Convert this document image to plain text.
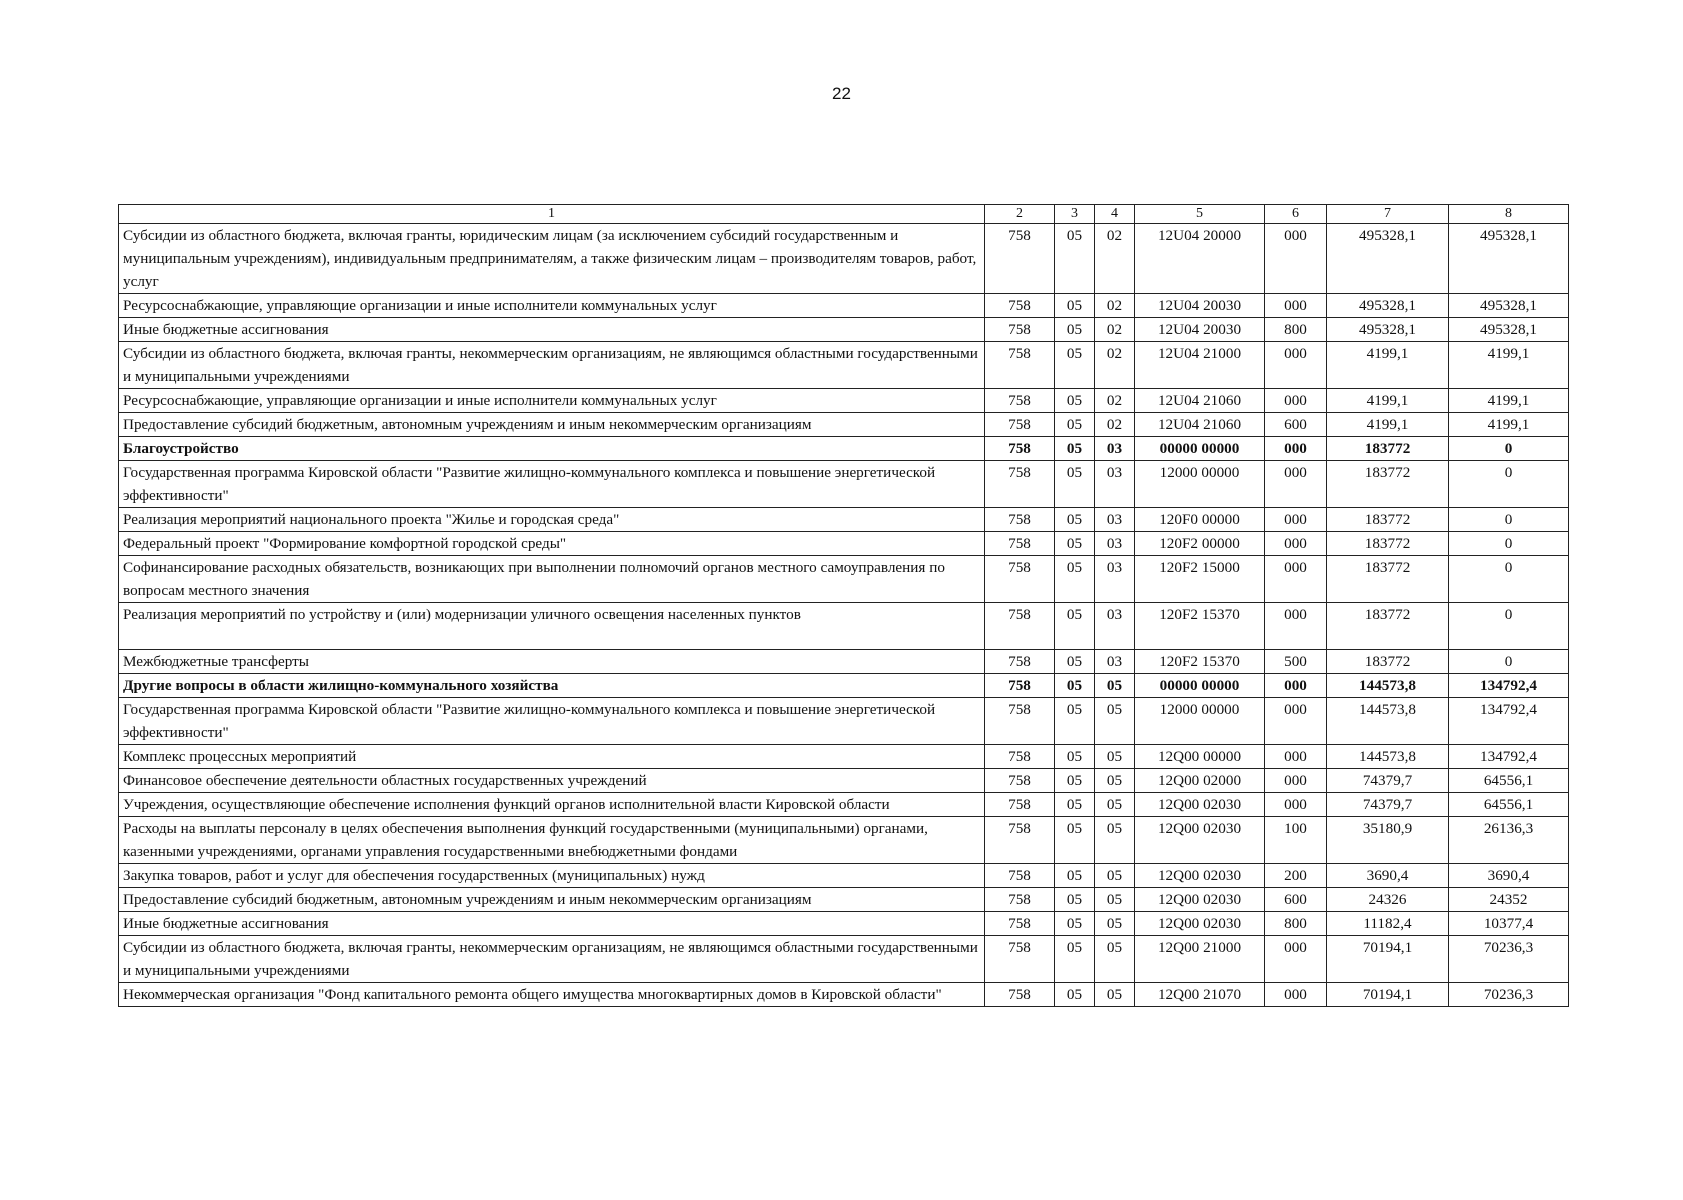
22
1	2	3	4	5	6	7	8
Субсидии из областного бюджета, включая гранты, юридическим лицам (за исключением субсидий государственным и муниципальным учреждениям), индивидуальным предпринимателям, а также физическим лицам – производителям товаров, работ, услуг	758	05	02	12U04 20000	000	495328,1	495328,1
Ресурсоснабжающие, управляющие организации и иные исполнители коммунальных услуг	758	05	02	12U04 20030	000	495328,1	495328,1
Иные бюджетные ассигнования	758	05	02	12U04 20030	800	495328,1	495328,1
Субсидии из областного бюджета, включая гранты, некоммерческим организациям, не являющимся областными государственными и муниципальными учреждениями	758	05	02	12U04 21000	000	4199,1	4199,1
Ресурсоснабжающие, управляющие организации и иные исполнители коммунальных услуг	758	05	02	12U04 21060	000	4199,1	4199,1
Предоставление субсидий бюджетным, автономным учреждениям и иным некоммерческим организациям	758	05	02	12U04 21060	600	4199,1	4199,1
Благоустройство	758	05	03	00000 00000	000	183772	0
Государственная программа Кировской области "Развитие жилищно-коммунального комплекса и повышение энергетической эффективности"	758	05	03	12000 00000	000	183772	0
Реализация мероприятий национального проекта "Жилье и городская среда"	758	05	03	120F0 00000	000	183772	0
Федеральный проект "Формирование комфортной городской среды"	758	05	03	120F2 00000	000	183772	0
Софинансирование расходных обязательств, возникающих при выполнении полномочий органов местного самоуправления по вопросам местного значения	758	05	03	120F2 15000	000	183772	0
Реализация мероприятий по устройству и (или) модернизации уличного освещения населенных пунктов	758	05	03	120F2 15370	000	183772	0
Межбюджетные трансферты	758	05	03	120F2 15370	500	183772	0
Другие вопросы в области жилищно-коммунального хозяйства	758	05	05	00000 00000	000	144573,8	134792,4
Государственная программа Кировской области "Развитие жилищно-коммунального комплекса и повышение энергетической эффективности"	758	05	05	12000 00000	000	144573,8	134792,4
Комплекс процессных мероприятий	758	05	05	12Q00 00000	000	144573,8	134792,4
Финансовое обеспечение деятельности областных государственных учреждений	758	05	05	12Q00 02000	000	74379,7	64556,1
Учреждения, осуществляющие обеспечение исполнения функций органов исполнительной власти Кировской области	758	05	05	12Q00 02030	000	74379,7	64556,1
Расходы на выплаты персоналу в целях обеспечения выполнения функций государственными (муниципальными) органами, казенными учреждениями, органами управления государственными внебюджетными фондами	758	05	05	12Q00 02030	100	35180,9	26136,3
Закупка товаров, работ и услуг для обеспечения государственных (муниципальных) нужд	758	05	05	12Q00 02030	200	3690,4	3690,4
Предоставление субсидий бюджетным, автономным учреждениям и иным некоммерческим организациям	758	05	05	12Q00 02030	600	24326	24352
Иные бюджетные ассигнования	758	05	05	12Q00 02030	800	11182,4	10377,4
Субсидии из областного бюджета, включая гранты, некоммерческим организациям, не являющимся областными государственными и муниципальными учреждениями	758	05	05	12Q00 21000	000	70194,1	70236,3
Некоммерческая организация "Фонд капитального ремонта общего имущества многоквартирных домов в Кировской области"	758	05	05	12Q00 21070	000	70194,1	70236,3
